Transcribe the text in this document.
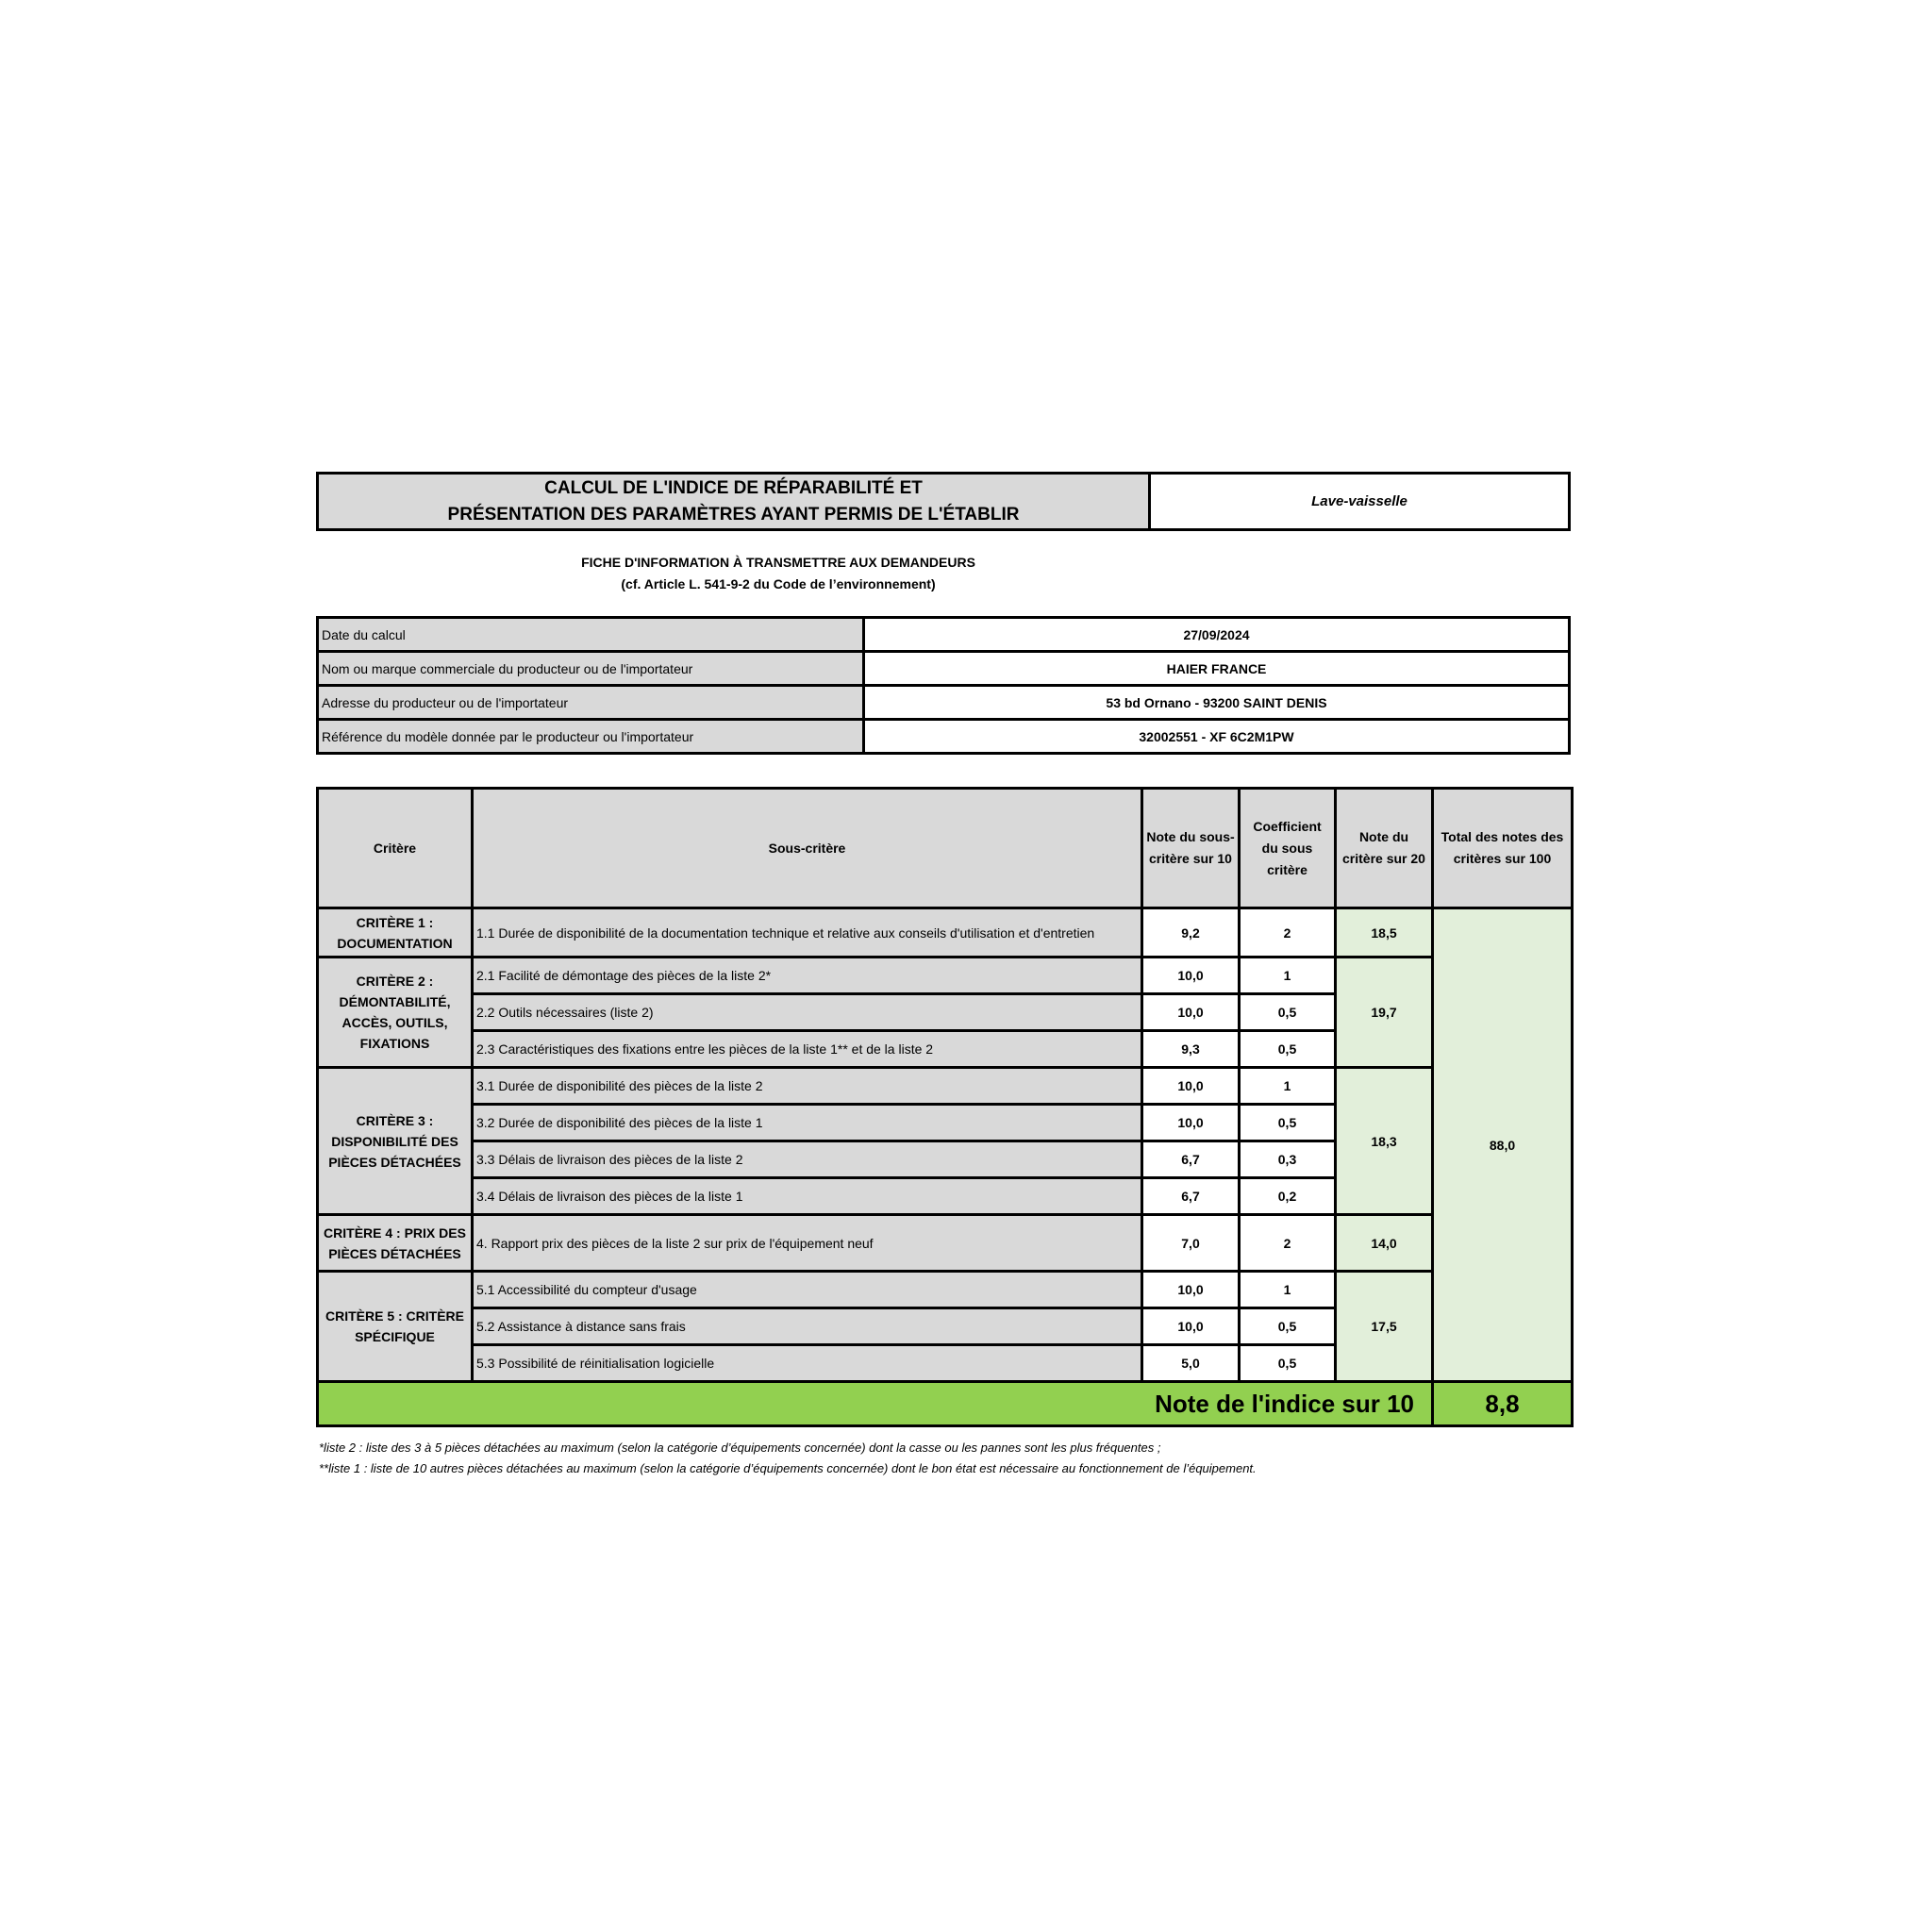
CALCUL DE L'INDICE DE RÉPARABILITÉ ET
PRÉSENTATION DES PARAMÈTRES AYANT PERMIS DE L'ÉTABLIR
	Lave-vaisselle
FICHE D'INFORMATION À TRANSMETTRE AUX DEMANDEURS
(cf. Article L. 541-9-2 du Code de l’environnement)
Date du calcul	27/09/2024
Nom ou marque commerciale du producteur ou de l'importateur	HAIER FRANCE
Adresse du producteur ou de l'importateur	53 bd Ornano - 93200 SAINT DENIS
Référence du modèle donnée par le producteur ou l'importateur	32002551 - XF 6C2M1PW
Critère	Sous-critère	Note du sous-critère sur 10	Coefficient du sous critère	Note du critère sur 20	Total des notes des critères sur 100
CRITÈRE 1 : DOCUMENTATION	1.1 Durée de disponibilité de la documentation technique et relative aux conseils d'utilisation et d'entretien	9,2	2	18,5	88,0
CRITÈRE 2 : DÉMONTABILITÉ, ACCÈS, OUTILS, FIXATIONS	2.1 Facilité de démontage des pièces de la liste 2*	10,0	1	19,7	
	2.2 Outils nécessaires (liste 2)	10,0	0,5		
	2.3 Caractéristiques des fixations entre les pièces de la liste 1** et de la liste 2	9,3	0,5		
CRITÈRE 3 : DISPONIBILITÉ DES PIÈCES DÉTACHÉES	3.1 Durée de disponibilité des pièces de la liste 2	10,0	1	18,3	
	3.2 Durée de disponibilité des pièces de la liste 1	10,0	0,5		
	3.3 Délais de livraison des pièces de la liste 2	6,7	0,3		
	3.4 Délais de livraison des pièces de la liste 1	6,7	0,2		
CRITÈRE 4 : PRIX DES PIÈCES DÉTACHÉES	4. Rapport prix des pièces de la liste 2 sur prix de l'équipement neuf	7,0	2	14,0	
CRITÈRE 5 : CRITÈRE SPÉCIFIQUE	5.1 Accessibilité du compteur d'usage	10,0	1	17,5	
	5.2 Assistance à distance sans frais	10,0	0,5		
	5.3 Possibilité de réinitialisation logicielle	5,0	0,5		
Note de l'indice sur 10					8,8
*liste 2 : liste des 3 à 5 pièces détachées au maximum (selon la catégorie d’équipements concernée) dont la casse ou les pannes sont les plus fréquentes ;
**liste 1 : liste de 10 autres pièces détachées au maximum (selon la catégorie d’équipements concernée) dont le bon état est nécessaire au fonctionnement de l’équipement.
